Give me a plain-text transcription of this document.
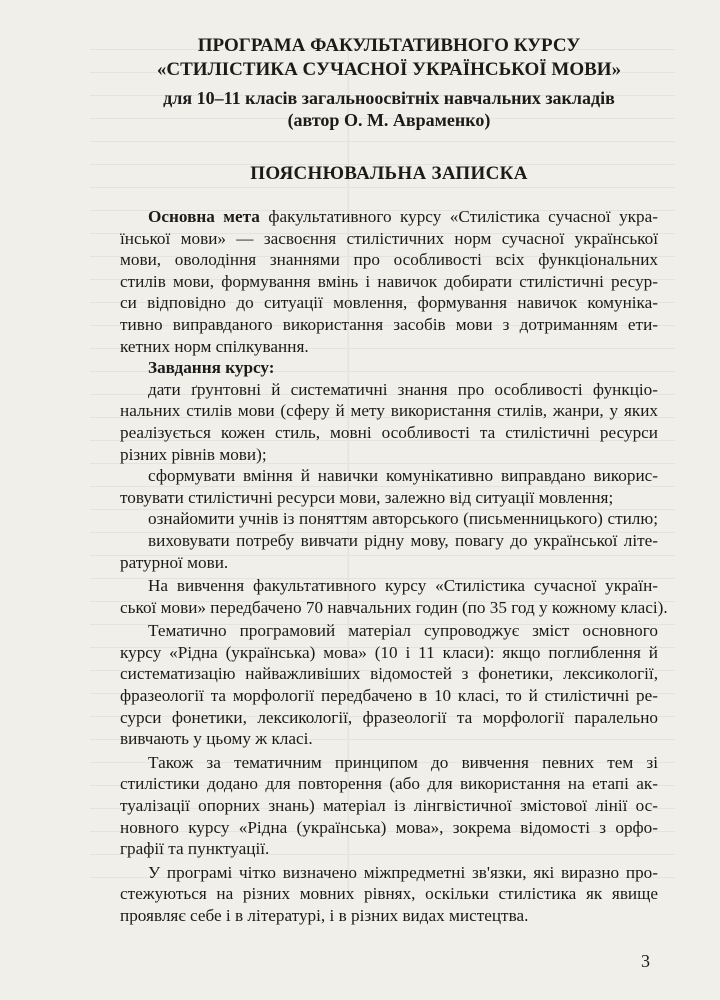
ПРОГРАМА ФАКУЛЬТАТИВНОГО КУРСУ
«СТИЛІСТИКА СУЧАСНОЇ УКРАЇНСЬКОЇ МОВИ»

для 10–11 класів загальноосвітніх навчальних закладів
(автор О. М. Авраменко)

ПОЯСНЮВАЛЬНА ЗАПИСКА
Основна мета факультативного курсу «Стилістика сучасної укра-
їнської мови» — засвоєння стилістичних норм сучасної української
мови, оволодіння знаннями про особливості всіх функціональних
стилів мови, формування вмінь і навичок добирати стилістичні ресур-
си відповідно до ситуації мовлення, формування навичок комуніка-
тивно виправданого використання засобів мови з дотриманням ети-
кетних норм спілкування.
Завдання курсу:
дати ґрунтовні й систематичні знання про особливості функціо-
нальних стилів мови (сферу й мету використання стилів, жанри, у яких
реалізується кожен стиль, мовні особливості та стилістичні ресурси
різних рівнів мови);
сформувати вміння й навички комунікативно виправдано викорис-
товувати стилістичні ресурси мови, залежно від ситуації мовлення;
ознайомити учнів із поняттям авторського (письменницького) стилю;
виховувати потребу вивчати рідну мову, повагу до української літе-
ратурної мови.
На вивчення факультативного курсу «Стилістика сучасної україн-
ської мови» передбачено 70 навчальних годин (по 35 год у кожному класі).
Тематично програмовий матеріал супроводжує зміст основного
курсу «Рідна (українська) мова» (10 і 11 класи): якщо поглиблення й
систематизацію найважливіших відомостей з фонетики, лексикології,
фразеології та морфології передбачено в 10 класі, то й стилістичні ре-
сурси фонетики, лексикології, фразеології та морфології паралельно
вивчають у цьому ж класі.
Також за тематичним принципом до вивчення певних тем зі
стилістики додано для повторення (або для використання на етапі ак-
туалізації опорних знань) матеріал із лінгвістичної змістової лінії ос-
новного курсу «Рідна (українська) мова», зокрема відомості з орфо-
графії та пунктуації.
У програмі чітко визначено міжпредметні зв'язки, які виразно про-
стежуються на різних мовних рівнях, оскільки стилістика як явище
проявляє себе і в літературі, і в різних видах мистецтва.
3
